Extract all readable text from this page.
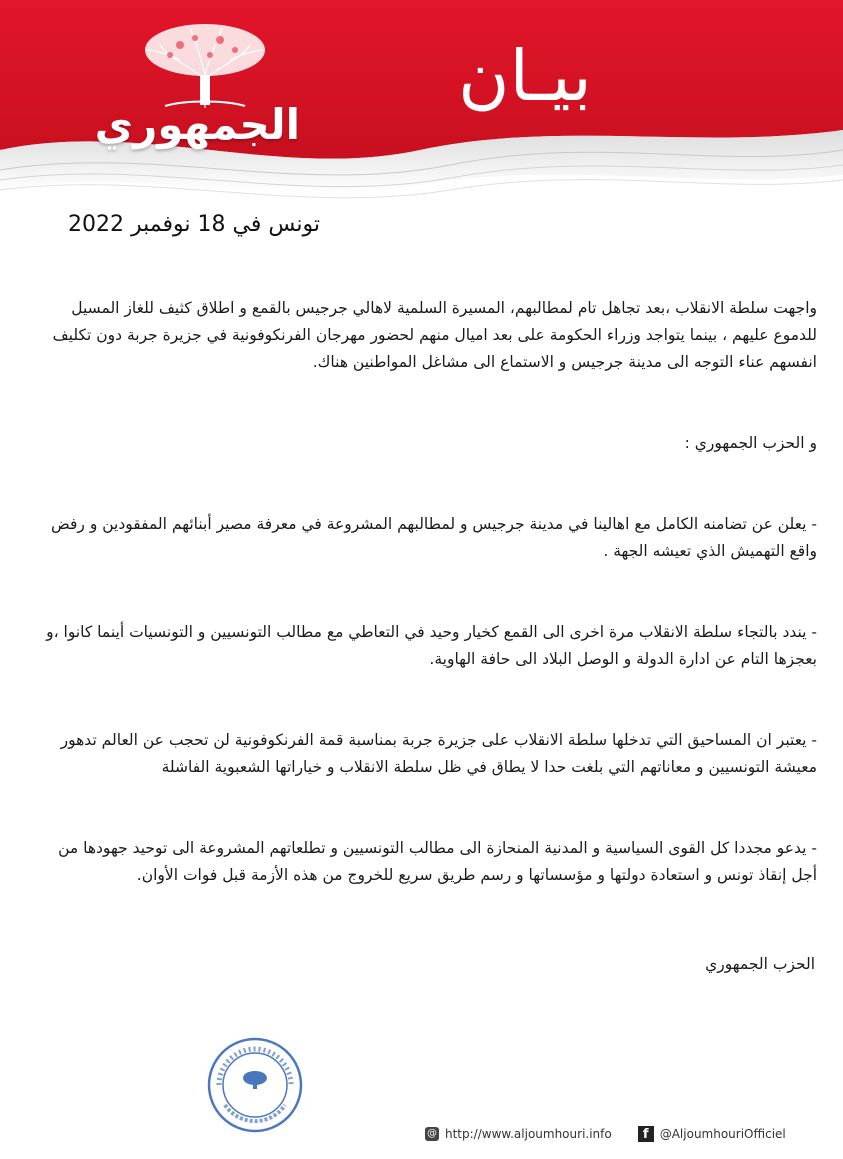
الجمهوري
بيـان
تونس في 18 نوفمبر 2022

واجهت سلطة الانقلاب ،بعد تجاهل تام لمطالبهم، المسيرة السلمية لاهالي جرجيس بالقمع و اطلاق كثيف للغاز المسيل للدموع عليهم ، بينما يتواجد وزراء الحكومة على بعد اميال منهم لحضور مهرجان الفرنكوفونية في جزيرة جربة دون تكليف انفسهم عناء التوجه الى مدينة جرجيس و الاستماع الى مشاغل المواطنين هناك.

و الحزب الجمهوري :

- يعلن عن تضامنه الكامل مع اهالينا في مدينة جرجيس و لمطالبهم المشروعة في معرفة مصير أبنائهم المفقودين و رفض واقع التهميش الذي تعيشه الجهة .

- يندد بالتجاء سلطة الانقلاب مرة اخرى الى القمع كخيار وحيد في التعاطي مع مطالب التونسيين و التونسيات أينما كانوا ،و بعجزها التام عن ادارة الدولة و الوصل البلاد الى حافة الهاوية.

- يعتبر ان المساحيق التي تدخلها سلطة الانقلاب على جزيرة جربة بمناسبة قمة الفرنكوفونية لن تحجب عن العالم تدهور معيشة التونسيين و معاناتهم التي بلغت حدا لا يطاق في ظل سلطة الانقلاب و خياراتها الشعبوية الفاشلة

- يدعو مجددا كل القوى السياسية و المدنية المنحازة الى مطالب التونسيين و تطلعاتهم المشروعة الى توحيد جهودها من أجل إنقاذ تونس و استعادة دولتها و مؤسساتها و رسم طريق سريع للخروج من هذه الأزمة قبل فوات الأوان.

الحزب الجمهوري
@ http://www.aljoumhouri.info	f @AljoumhouriOfficiel
